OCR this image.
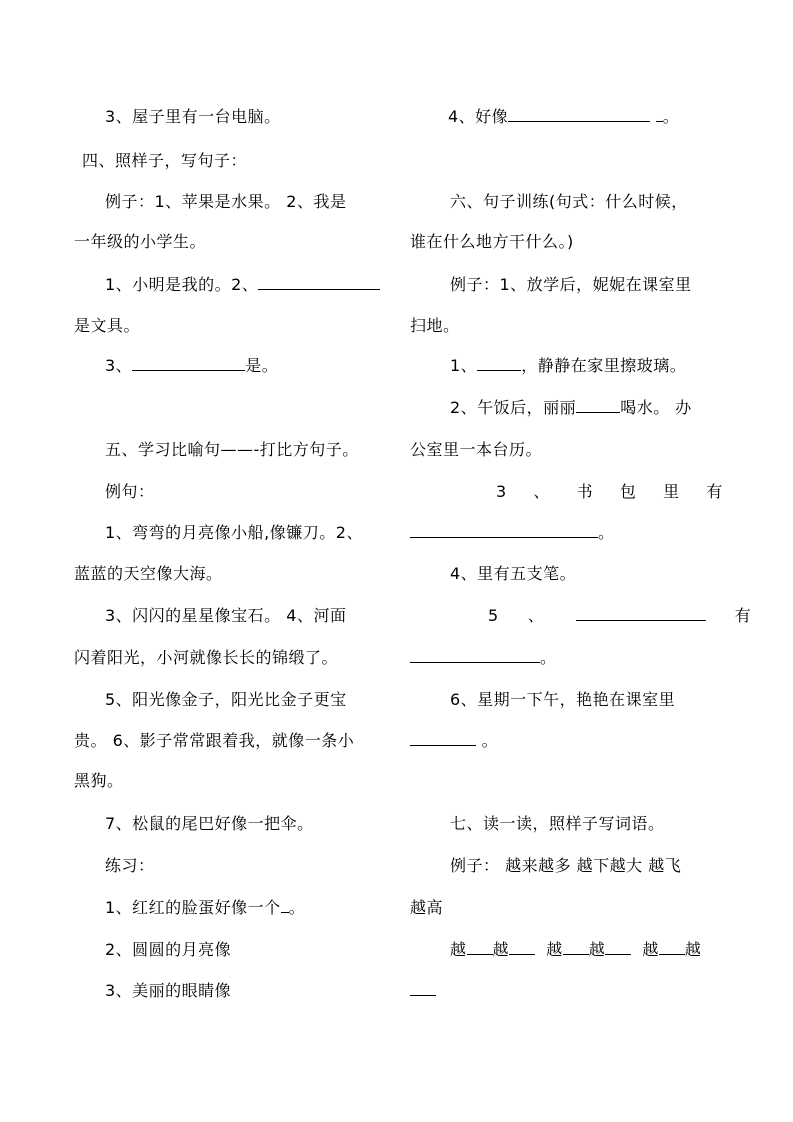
3、屋子里有一台电脑。
四、照样子，写句子：
例子：1、苹果是水果。 2、我是
一年级的小学生。
1、小明是我的。2、
是文具。
3、	是。
五、学习比喻句——-打比方句子。
例句：
1、弯弯的月亮像小船,像镰刀。2、
蓝蓝的天空像大海。
3、闪闪的星星像宝石。 4、河面
闪着阳光，小河就像长长的锦缎了。
5、阳光像金子，阳光比金子更宝
贵。 6、影子常常跟着我，就像一条小
黑狗。
7、松鼠的尾巴好像一把伞。
练习：
1、红红的脸蛋好像一个 。
2、圆圆的月亮像
3、美丽的眼睛像
4、好像	。
六、句子训练(句式：什么时候，
谁在什么地方干什么。)
例子：1、放学后，妮妮在课室里
扫地。
1、	，静静在家里擦玻璃。
2、午饭后，丽丽	喝水。 办
公室里一本台历。
3 、 书 包 里 有
。
4、里有五支笔。
5 、	有
。
6、星期一下午，艳艳在课室里
。
七、读一读，照样子写词语。
例子： 越来越多 越下越大 越飞
越高
越 越 越 越 越 越
